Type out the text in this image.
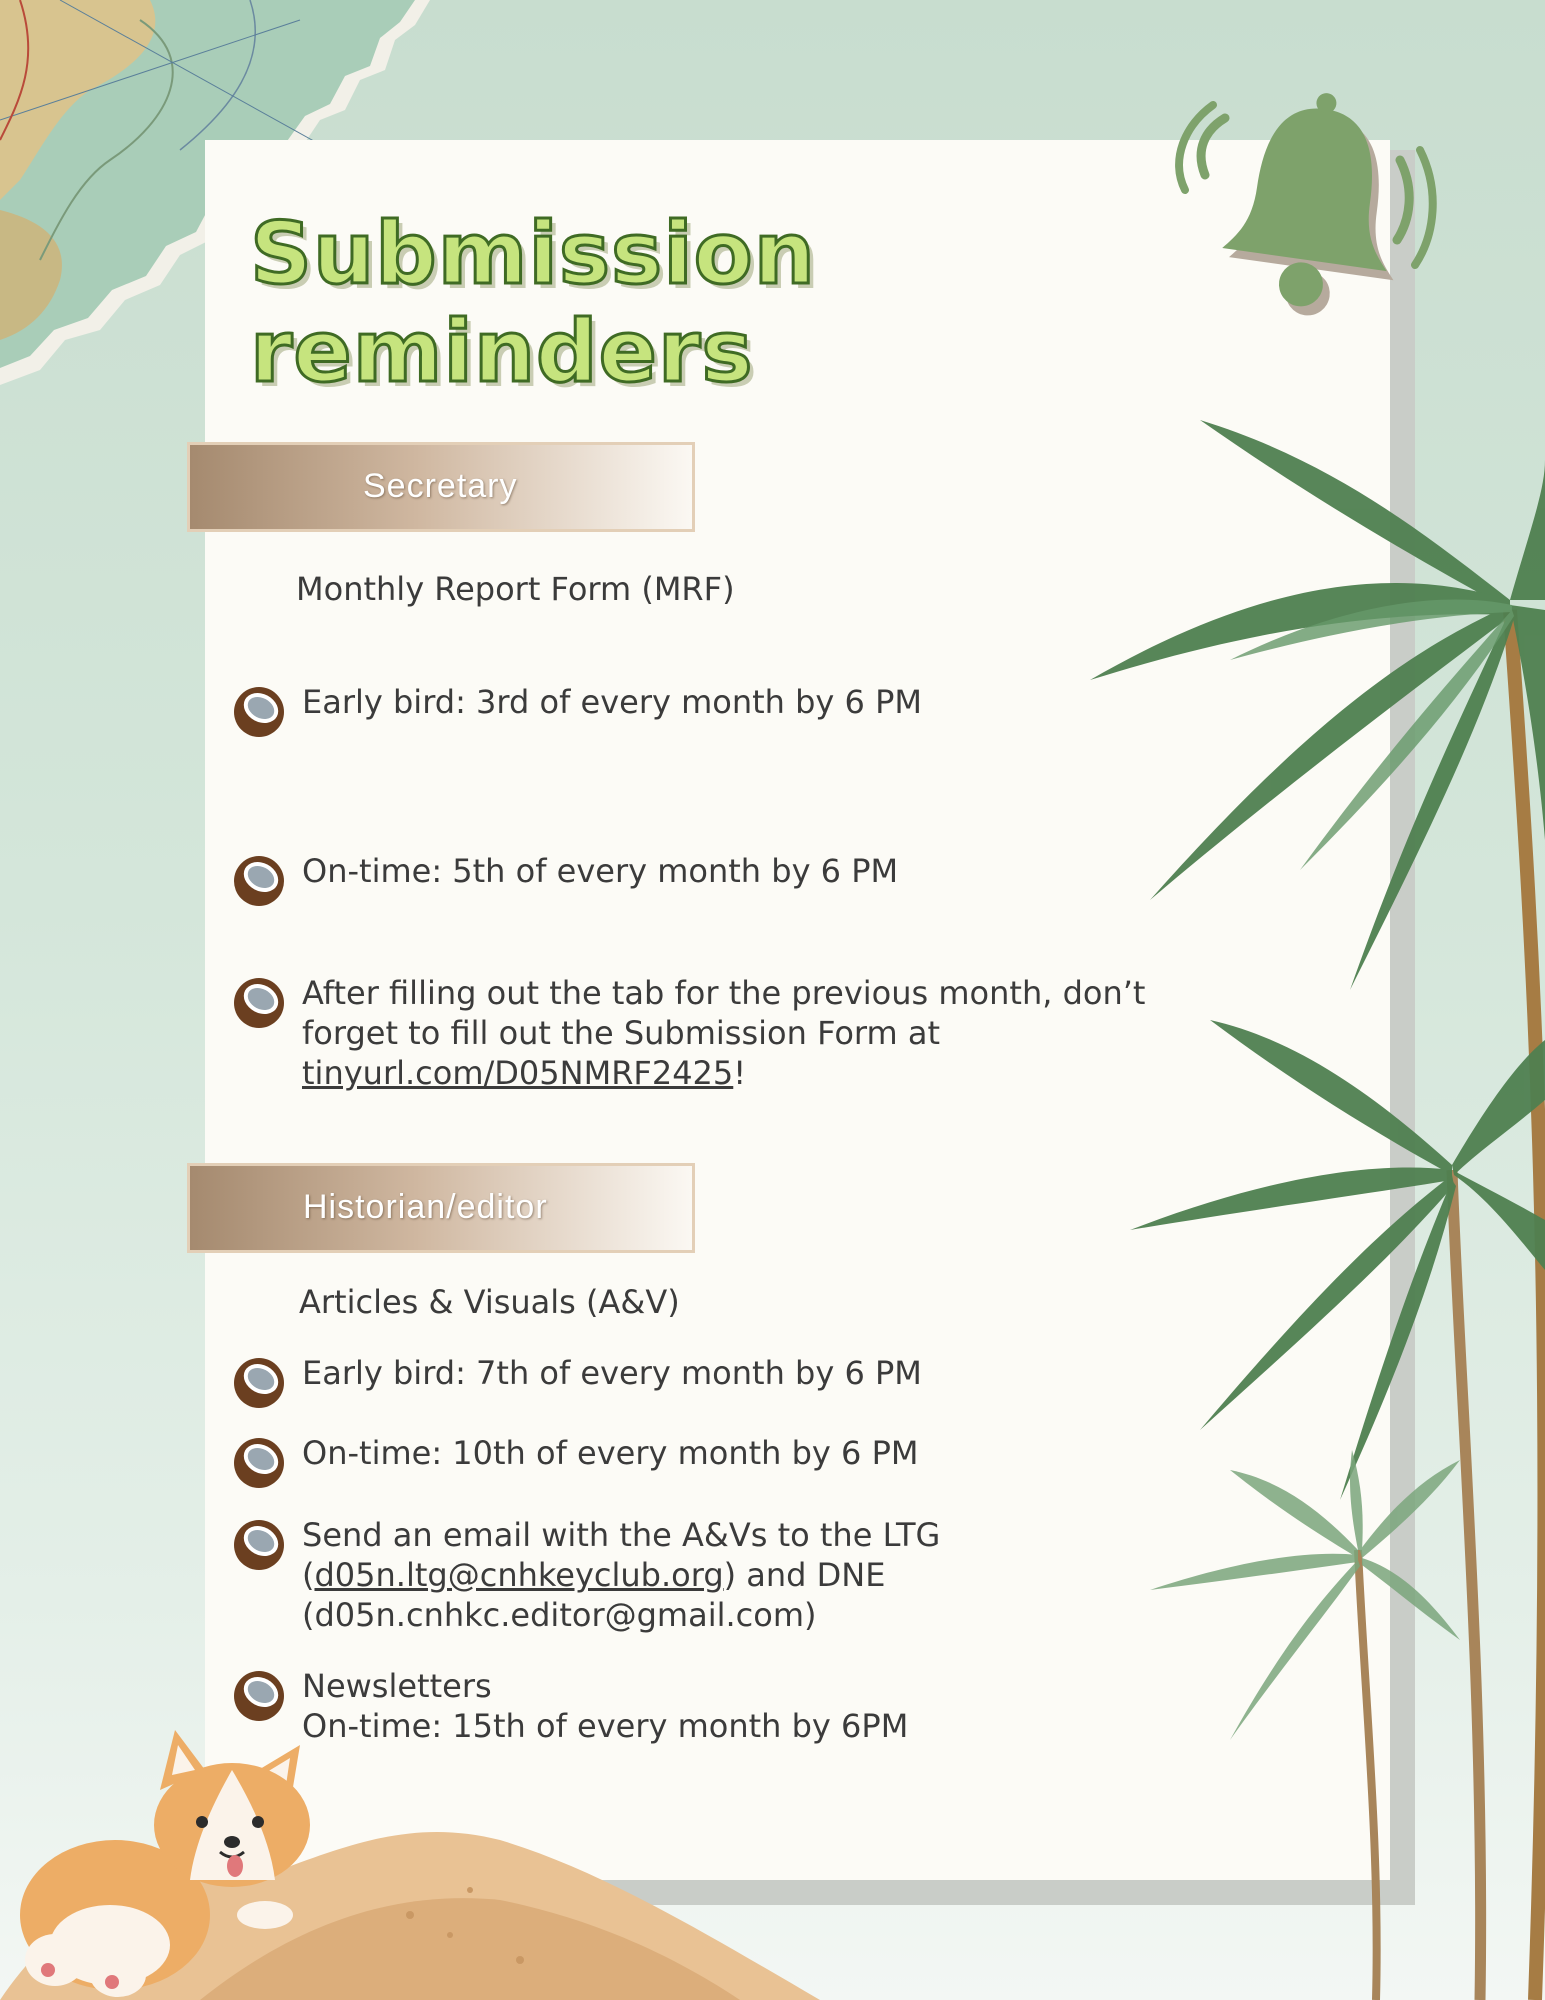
Submission
reminders
Secretary
Monthly Report Form (MRF)
Early bird: 3rd of every month by 6 PM
On-time: 5th of every month by 6 PM
After filling out the tab for the previous month, don’t
forget to fill out the Submission Form at
tinyurl.com/D05NMRF2425!
Historian/editor
Articles & Visuals (A&V)
Early bird: 7th of every month by 6 PM
On-time: 10th of every month by 6 PM
Send an email with the A&Vs to the LTG
(d05n.ltg@cnhkeyclub.org) and DNE
(d05n.cnhkc.editor@gmail.com)
Newsletters
On-time: 15th of every month by 6PM
